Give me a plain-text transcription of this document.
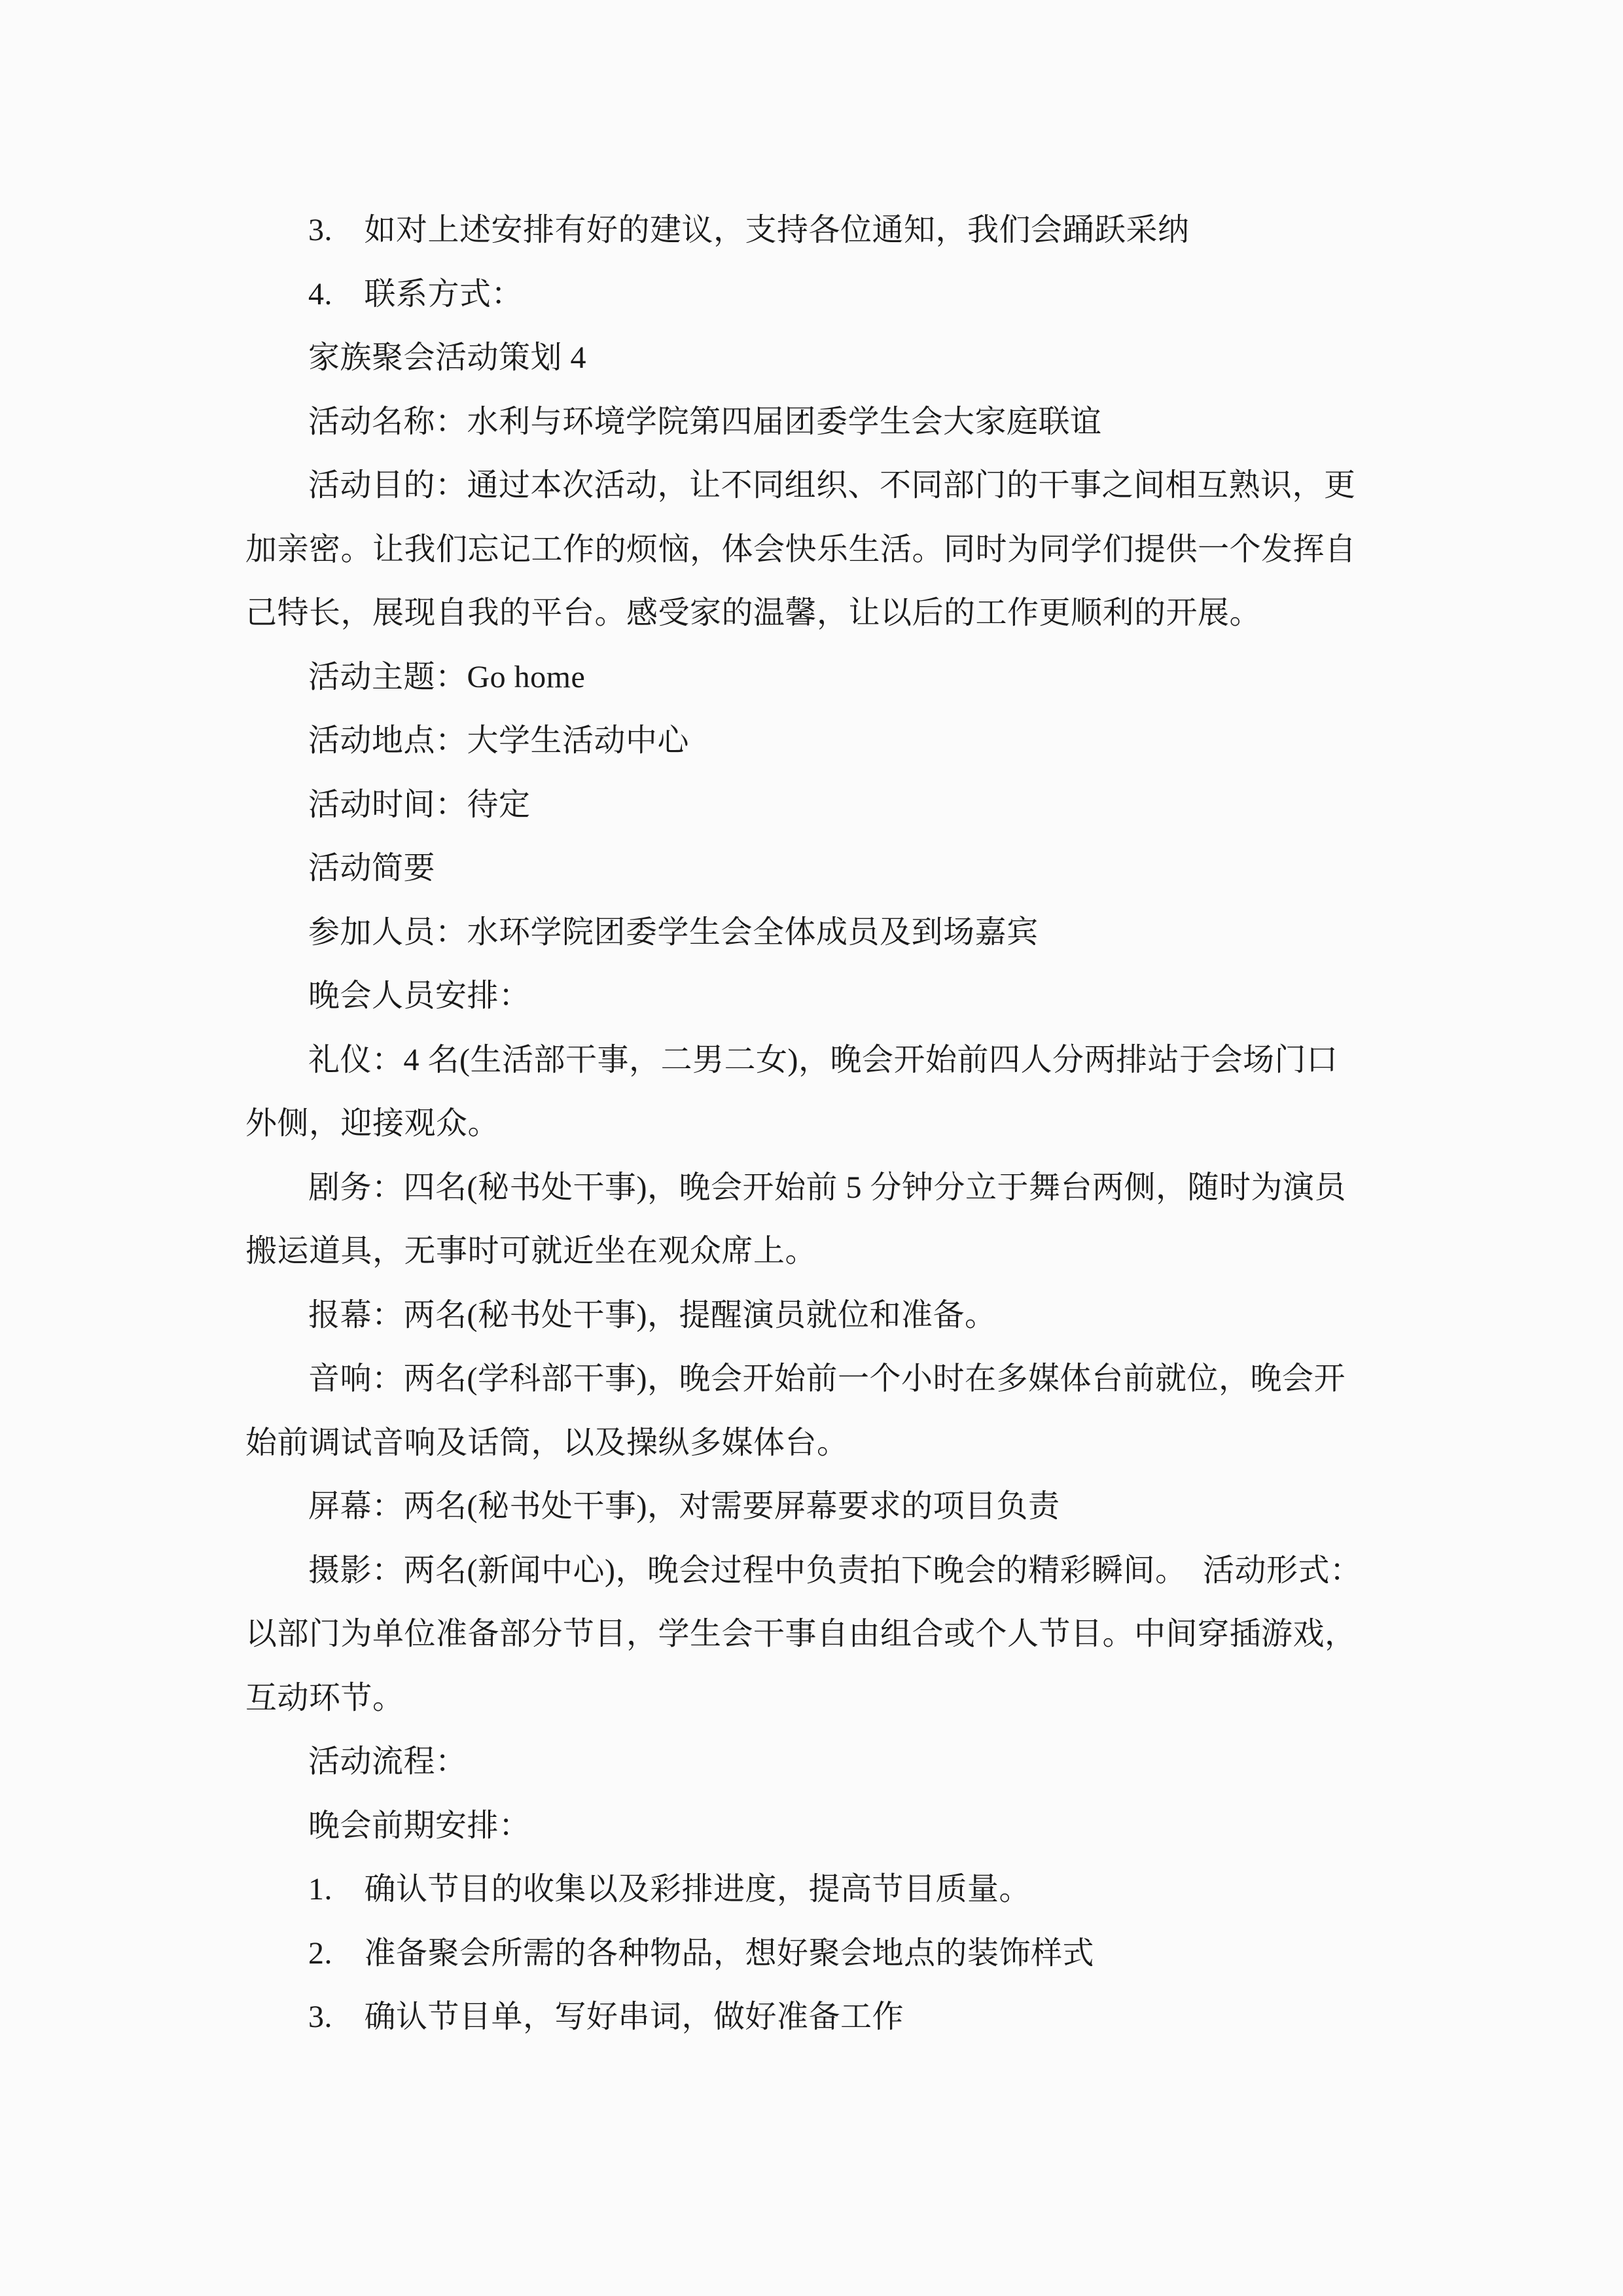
3.　如对上述安排有好的建议，支持各位通知，我们会踊跃采纳
4.　联系方式：
家族聚会活动策划 4
活动名称：水利与环境学院第四届团委学生会大家庭联谊
活动目的：通过本次活动，让不同组织、不同部门的干事之间相互熟识，更
加亲密。让我们忘记工作的烦恼，体会快乐生活。同时为同学们提供一个发挥自
己特长，展现自我的平台。感受家的温馨，让以后的工作更顺利的开展。
活动主题：Go home
活动地点：大学生活动中心
活动时间：待定
活动简要
参加人员：水环学院团委学生会全体成员及到场嘉宾
晚会人员安排：
礼仪：4 名(生活部干事，二男二女)，晚会开始前四人分两排站于会场门口
外侧，迎接观众。
剧务：四名(秘书处干事)，晚会开始前 5 分钟分立于舞台两侧，随时为演员
搬运道具，无事时可就近坐在观众席上。
报幕：两名(秘书处干事)，提醒演员就位和准备。
音响：两名(学科部干事)，晚会开始前一个小时在多媒体台前就位，晚会开
始前调试音响及话筒，以及操纵多媒体台。
屏幕：两名(秘书处干事)，对需要屏幕要求的项目负责
摄影：两名(新闻中心)，晚会过程中负责拍下晚会的精彩瞬间。　活动形式：
以部门为单位准备部分节目，学生会干事自由组合或个人节目。中间穿插游戏，
互动环节。
活动流程：
晚会前期安排：
1.　确认节目的收集以及彩排进度，提高节目质量。
2.　准备聚会所需的各种物品，想好聚会地点的装饰样式
3.　确认节目单，写好串词，做好准备工作
